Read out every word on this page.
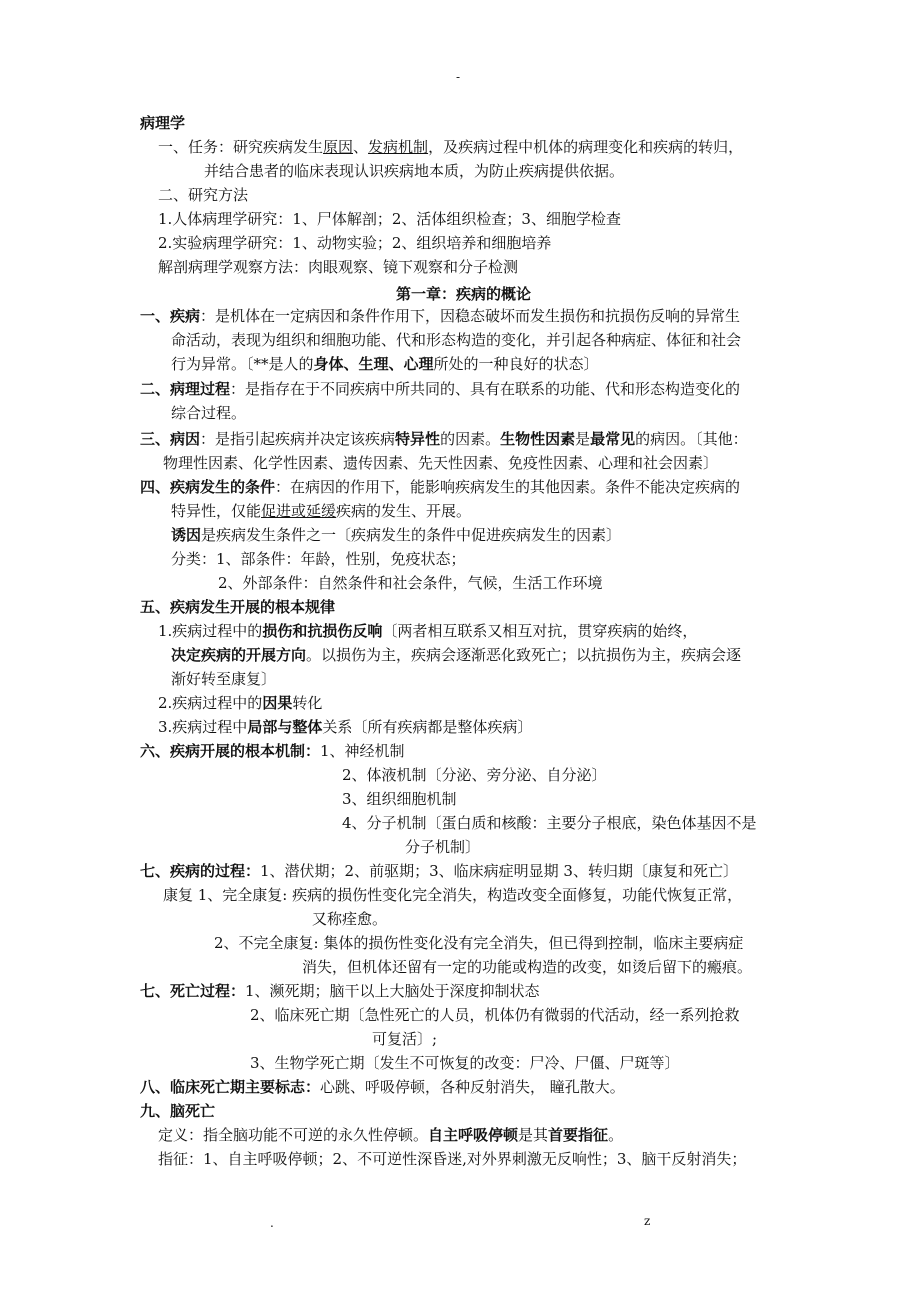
-
病理学
一、任务：研究疾病发生原因、发病机制，及疾病过程中机体的病理变化和疾病的转归，
并结合患者的临床表现认识疾病地本质，为防止疾病提供依据。
二、研究方法
1.人体病理学研究：1、尸体解剖；2、活体组织检查；3、细胞学检查
2.实验病理学研究：1、动物实验；2、组织培养和细胞培养
解剖病理学观察方法：肉眼观察、镜下观察和分子检测
第一章：疾病的概论
一、疾病：是机体在一定病因和条件作用下，因稳态破坏而发生损伤和抗损伤反响的异常生
命活动，表现为组织和细胞功能、代和形态构造的变化，并引起各种病症、体征和社会
行为异常。〔**是人的身体、生理、心理所处的一种良好的状态〕
二、病理过程：是指存在于不同疾病中所共同的、具有在联系的功能、代和形态构造变化的
综合过程。
三、病因：是指引起疾病并决定该疾病特异性的因素。生物性因素是最常见的病因。〔其他：
物理性因素、化学性因素、遗传因素、先天性因素、免疫性因素、心理和社会因素〕
四、疾病发生的条件：在病因的作用下，能影响疾病发生的其他因素。条件不能决定疾病的
特异性，仅能促进或延缓疾病的发生、开展。
诱因是疾病发生条件之一〔疾病发生的条件中促进疾病发生的因素〕
分类：1、部条件：年龄，性别，免疫状态；
2、外部条件：自然条件和社会条件，气候，生活工作环境
五、疾病发生开展的根本规律
1.疾病过程中的损伤和抗损伤反响〔两者相互联系又相互对抗，贯穿疾病的始终，
决定疾病的开展方向。以损伤为主，疾病会逐渐恶化致死亡；以抗损伤为主，疾病会逐
渐好转至康复〕
2.疾病过程中的因果转化
3.疾病过程中局部与整体关系〔所有疾病都是整体疾病〕
六、疾病开展的根本机制：1、神经机制
2、体液机制〔分泌、旁分泌、自分泌〕
3、组织细胞机制
4、分子机制〔蛋白质和核酸：主要分子根底，染色体基因不是
分子机制〕
七、疾病的过程：1、潜伏期；2、前驱期；3、临床病症明显期 3、转归期〔康复和死亡〕
康复 1、完全康复: 疾病的损伤性变化完全消失，构造改变全面修复，功能代恢复正常，
又称痊愈。
2、不完全康复: 集体的损伤性变化没有完全消失，但已得到控制，临床主要病症
消失，但机体还留有一定的功能或构造的改变，如烫后留下的瘢痕。
七、死亡过程：1、濒死期；脑干以上大脑处于深度抑制状态
2、临床死亡期〔急性死亡的人员，机体仍有微弱的代活动，经一系列抢救
可复活〕;
3、生物学死亡期〔发生不可恢复的改变：尸冷、尸僵、尸斑等〕
八、临床死亡期主要标志：心跳、呼吸停顿，各种反射消失， 瞳孔散大。
九、脑死亡
定义：指全脑功能不可逆的永久性停顿。自主呼吸停顿是其首要指征。
指征：1、自主呼吸停顿；2、不可逆性深昏迷,对外界刺激无反响性；3、脑干反射消失；
.	z
